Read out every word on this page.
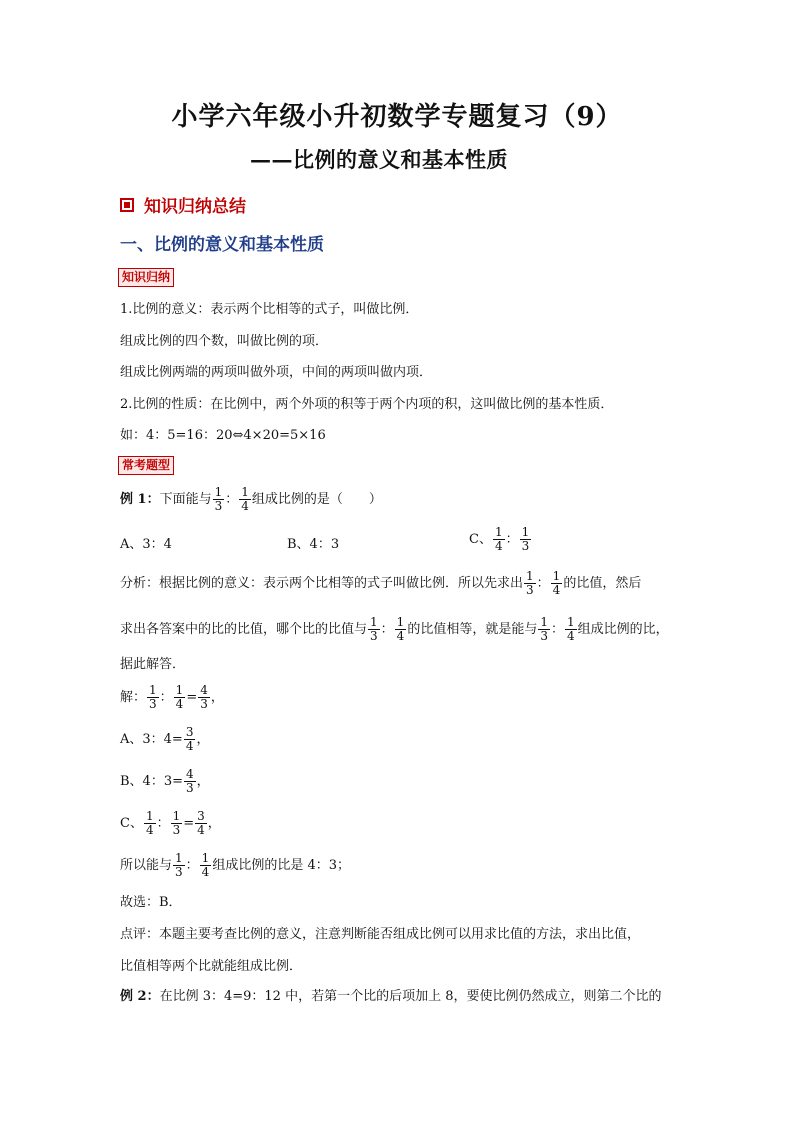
小学六年级小升初数学专题复习（9）
——比例的意义和基本性质
知识归纳总结
一、比例的意义和基本性质
知识归纳
1.比例的意义：表示两个比相等的式子，叫做比例．
组成比例的四个数，叫做比例的项．
组成比例两端的两项叫做外项，中间的两项叫做内项．
2.比例的性质：在比例中，两个外项的积等于两个内项的积，这叫做比例的基本性质．
如：4：5=16：20⇔4×20=5×16
常考题型
例 1： 下面能与 $\frac{1}{3}$ ： $\frac{1}{4}$ 组成比例的是（　　）
A、3：4	B、4：3	C、 $\frac{1}{4}$ ： $\frac{1}{3}$
分析：根据比例的意义：表示两个比相等的式子叫做比例．所以先求出 $\frac{1}{3}$ ： $\frac{1}{4}$ 的比值，然后
求出各答案中的比的比值，哪个比的比值与 $\frac{1}{3}$ ： $\frac{1}{4}$ 的比值相等，就是能与 $\frac{1}{3}$ ： $\frac{1}{4}$ 组成比例的比，
据此解答．
解： $\frac{1}{3}$ ： $\frac{1}{4} = \frac{4}{3}$ ，
A、3：$4= \frac{3}{4}$ ，
B、4：$3= \frac{4}{3}$ ，
C、 $\frac{1}{4}$ ： $\frac{1}{3} = \frac{3}{4}$ ，
所以能与 $\frac{1}{3}$ ： $\frac{1}{4}$ 组成比例的比是 4：3；
故选：B．
点评：本题主要考查比例的意义，注意判断能否组成比例可以用求比值的方法，求出比值，
比值相等两个比就能组成比例．
例 2： 在比例 3：4=9：12 中，若第一个比的后项加上 8，要使比例仍然成立，则第二个比的
